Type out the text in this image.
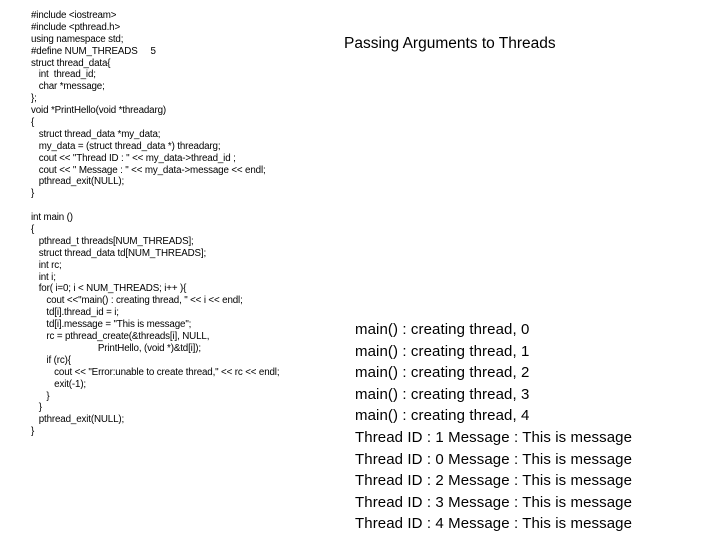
Passing Arguments to Threads
#include <iostream>
#include <pthread.h>
using namespace std;
#define NUM_THREADS     5
struct thread_data{
int  thread_id;
char *message;
};
void *PrintHello(void *threadarg)
{
struct thread_data *my_data;
my_data = (struct thread_data *) threadarg;
cout << "Thread ID : " << my_data->thread_id ;
cout << " Message : " << my_data->message << endl;
pthread_exit(NULL);
}
int main ()
{
pthread_t threads[NUM_THREADS];
struct thread_data td[NUM_THREADS];
int rc;
int i;
for( i=0; i < NUM_THREADS; i++ ){
cout <<"main() : creating thread, " << i << endl;
td[i].thread_id = i;
td[i].message = "This is message";
rc = pthread_create(&threads[i], NULL,
PrintHello, (void *)&td[i]);
if (rc){
cout << "Error:unable to create thread," << rc << endl;
exit(-1);
}
}
pthread_exit(NULL);
}
main() : creating thread, 0
main() : creating thread, 1
main() : creating thread, 2
main() : creating thread, 3
main() : creating thread, 4
Thread ID : 1 Message : This is message
Thread ID : 0 Message : This is message
Thread ID : 2 Message : This is message
Thread ID : 3 Message : This is message
Thread ID : 4 Message : This is message
